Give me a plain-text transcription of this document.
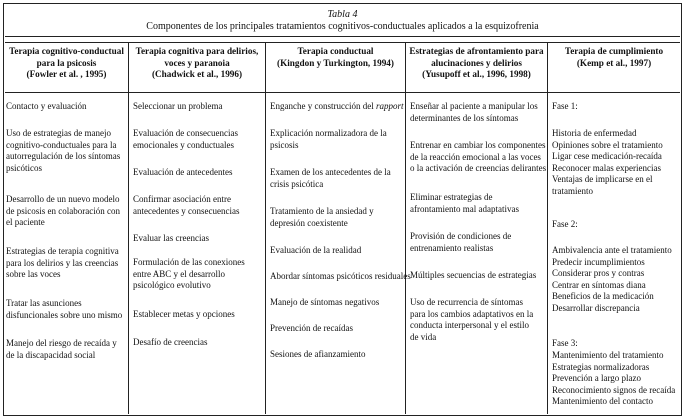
Tabla 4
Componentes de los principales tratamientos cognitivos-conductuales aplicados a la esquizofrenia
Terapia cognitivo-conductual
para la psicosis
(Fowler et al. , 1995)
Terapia cognitiva para delirios,
voces y paranoia
(Chadwick et al., 1996)
Terapia conductual
(Kingdon y Turkington, 1994)
Estrategias de afrontamiento para
alucinaciones y delirios
(Yusupoff et al., 1996, 1998)
Terapia de cumplimiento
(Kemp et al., 1997)
Contacto y evaluación
Uso de estrategias de manejo
cognitivo-conductuales para la
autorregulación de los síntomas
psicóticos
Desarrollo de un nuevo modelo
de psicosis en colaboración con
el paciente
Estrategias de terapia cognitiva
para los delirios y las creencias
sobre las voces
Tratar las asunciones
disfuncionales sobre uno mismo
Manejo del riesgo de recaída y
de la discapacidad social
Seleccionar un problema
Evaluación de consecuencias
emocionales y conductuales
Evaluación de antecedentes
Confirmar asociación entre
antecedentes y consecuencias
Evaluar las creencias
Formulación de las conexiones
entre ABC y el desarrollo
psicológico evolutivo
Establecer metas y opciones
Desafío de creencias
Enganche y construcción del rapport
Explicación normalizadora de la
psicosis
Examen de los antecedentes de la
crisis psicótica
Tratamiento de la ansiedad y
depresión coexistente
Evaluación de la realidad
Abordar síntomas psicóticos residuales
Manejo de síntomas negativos
Prevención de recaídas
Sesiones de afianzamiento
Enseñar al paciente a manipular los
determinantes de los síntomas
Entrenar en cambiar los componentes
de la reacción emocional a las voces
o la activación de creencias delirantes
Eliminar estrategias de
afrontamiento mal adaptativas
Provisión de condiciones de
entrenamiento realistas
Múltiples secuencias de estrategias
Uso de recurrencia de síntomas
para los cambios adaptativos en la
conducta interpersonal y el estilo
de vida
Fase 1:
Historia de enfermedad
Opiniones sobre el tratamiento
Ligar cese medicación-recaída
Reconocer malas experiencias
Ventajas de implicarse en el
tratamiento
Fase 2:
Ambivalencia ante el tratamiento
Predecir incumplimientos
Considerar pros y contras
Centrar en síntomas diana
Beneficios de la medicación
Desarrollar discrepancia
Fase 3:
Mantenimiento del tratamiento
Estrategias normalizadoras
Prevención a largo plazo
Reconocimiento signos de recaída
Mantenimiento del contacto
